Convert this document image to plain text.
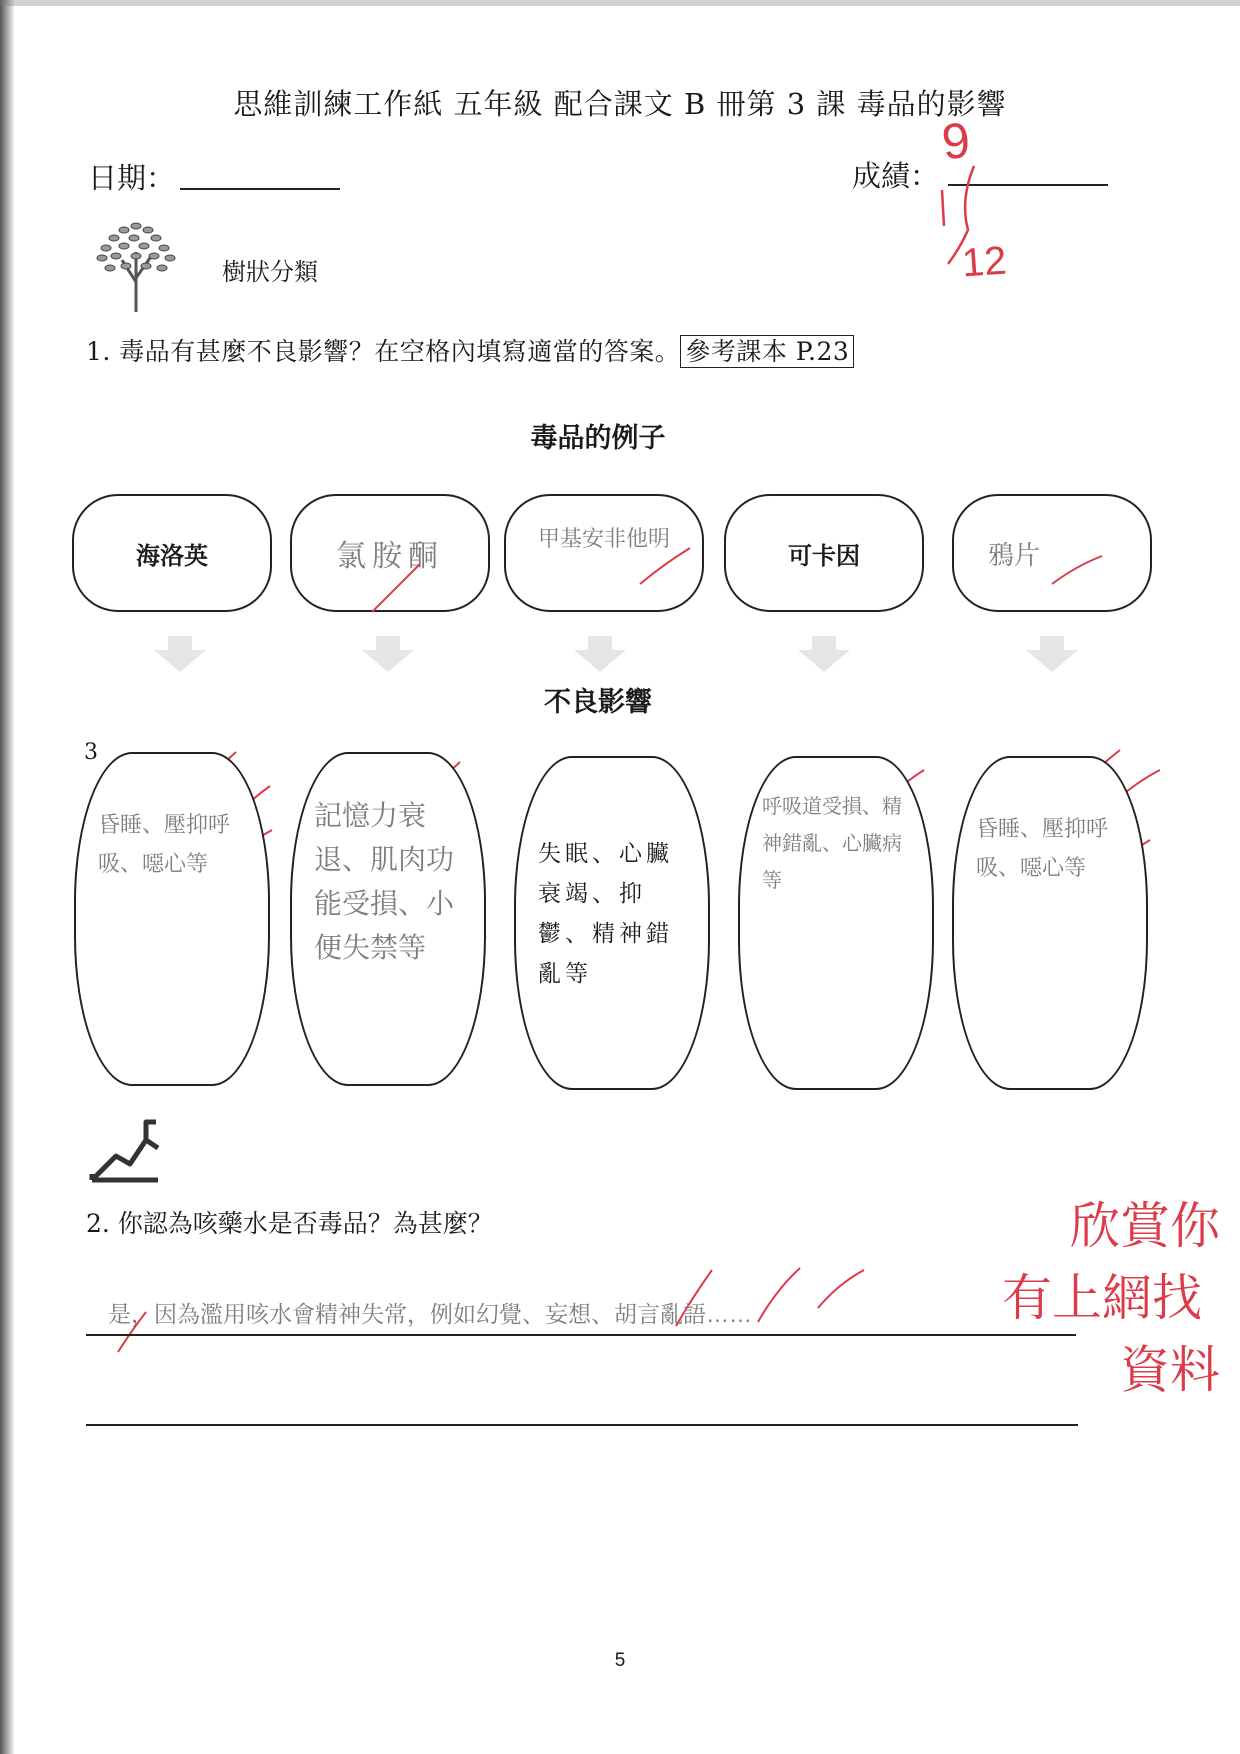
思維訓練工作紙 五年級 配合課文 B 冊第 3 課 毒品的影響
日期：	成績：
9
12
樹狀分類
1. 毒品有甚麼不良影響？在空格內填寫適當的答案。 參考課本 P.23
毒品的例子
海洛英	氯胺酮
甲基安非他明
可卡因	鴉片
不良影響
3
昏睡、壓抑呼吸、噁心等
記憶力衰退、肌肉功能受損、小便失禁等
失眠、心臟衰竭、抑鬱、精神錯亂等
呼吸道受損、精神錯亂、心臟病等
昏睡、壓抑呼吸、噁心等
2. 你認為咳藥水是否毒品？為甚麼？
是，因為濫用咳水會精神失常，例如幻覺、妄想、胡言亂語……
欣賞你
有上網找
資料
5
